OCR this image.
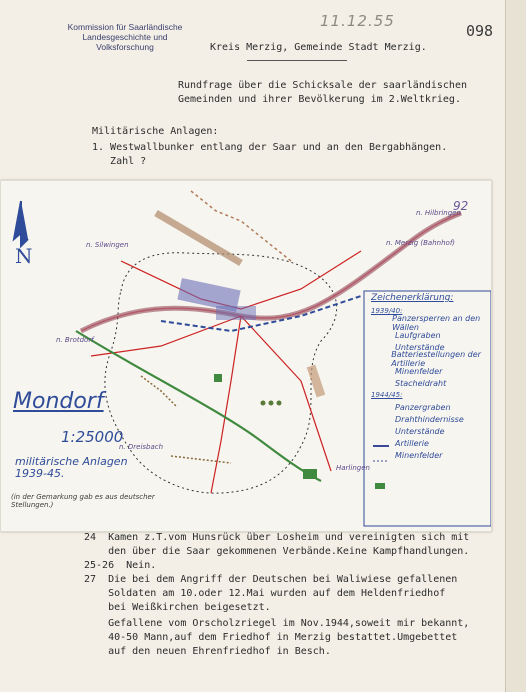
Kommission für Saarländische Landesgeschichte und Volksforschung
11.12.55
098
Kreis Merzig, Gemeinde Stadt Merzig.
Rundfrage über die Schicksale der saarländischen
Gemeinden und ihrer Bevölkerung im 2.Weltkrieg.
Militärische Anlagen:
1. Westwallbunker entlang der Saar und an den Bergabhängen.
Zahl ?
N
n. Hilbringen
n. Silwingen
n. Brotdorf
n. Merzig (Bahnhof)
Harlingen
n. Dreisbach
92
Zeichenerklärung:
1939/40:
Panzersperren an den Wällen
Laufgraben
Unterstände
Batteriestellungen der Artillerie
Minenfelder
Stacheldraht
1944/45:
Panzergraben
Drahthindernisse
Unterstände
Artillerie
Minenfelder
Mondorf
1:25000
militärische Anlagen 1939-45.
(in der Gemarkung gab es aus deutscher Stellungen.)
24  Kamen z.T.vom Hunsrück über Losheim und vereinigten sich mit
den über die Saar gekommenen Verbände.Keine Kampfhandlungen.
25-26  Nein.
27  Die bei dem Angriff der Deutschen bei Waliwiese gefallenen
Soldaten am 10.oder 12.Mai wurden auf dem Heldenfriedhof
bei Weißkirchen beigesetzt.
Gefallene vom Orscholzriegel im Nov.1944,soweit mir bekannt,
40-50 Mann,auf dem Friedhof in Merzig bestattet.Umgebettet
auf den neuen Ehrenfriedhof in Besch.
